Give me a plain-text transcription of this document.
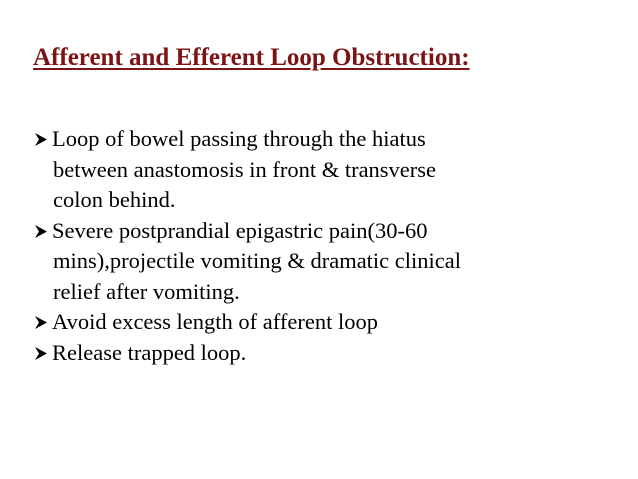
Afferent and Efferent Loop Obstruction:
Loop of bowel passing through the hiatus
between anastomosis in front & transverse
colon behind.
Severe postprandial epigastric pain(30-60
mins),projectile vomiting & dramatic clinical
relief after vomiting.
Avoid excess length of afferent loop
Release trapped loop.
